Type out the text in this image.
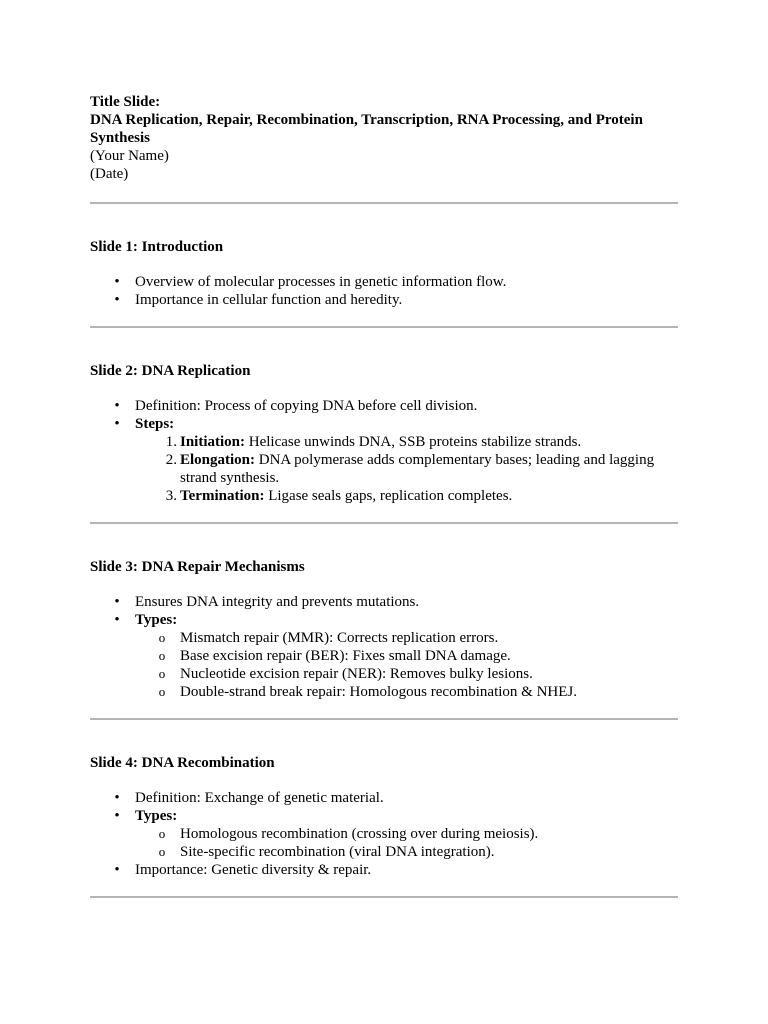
Title Slide:
DNA Replication, Repair, Recombination, Transcription, RNA Processing, and Protein Synthesis
(Your Name)
(Date)
Slide 1: Introduction
• Overview of molecular processes in genetic information flow.
• Importance in cellular function and heredity.
Slide 2: DNA Replication
• Definition: Process of copying DNA before cell division.
• Steps:
1. Initiation: Helicase unwinds DNA, SSB proteins stabilize strands.
2. Elongation: DNA polymerase adds complementary bases; leading and lagging strand synthesis.
3. Termination: Ligase seals gaps, replication completes.
Slide 3: DNA Repair Mechanisms
• Ensures DNA integrity and prevents mutations.
• Types:
o Mismatch repair (MMR): Corrects replication errors.
o Base excision repair (BER): Fixes small DNA damage.
o Nucleotide excision repair (NER): Removes bulky lesions.
o Double-strand break repair: Homologous recombination & NHEJ.
Slide 4: DNA Recombination
• Definition: Exchange of genetic material.
• Types:
o Homologous recombination (crossing over during meiosis).
o Site-specific recombination (viral DNA integration).
• Importance: Genetic diversity & repair.
